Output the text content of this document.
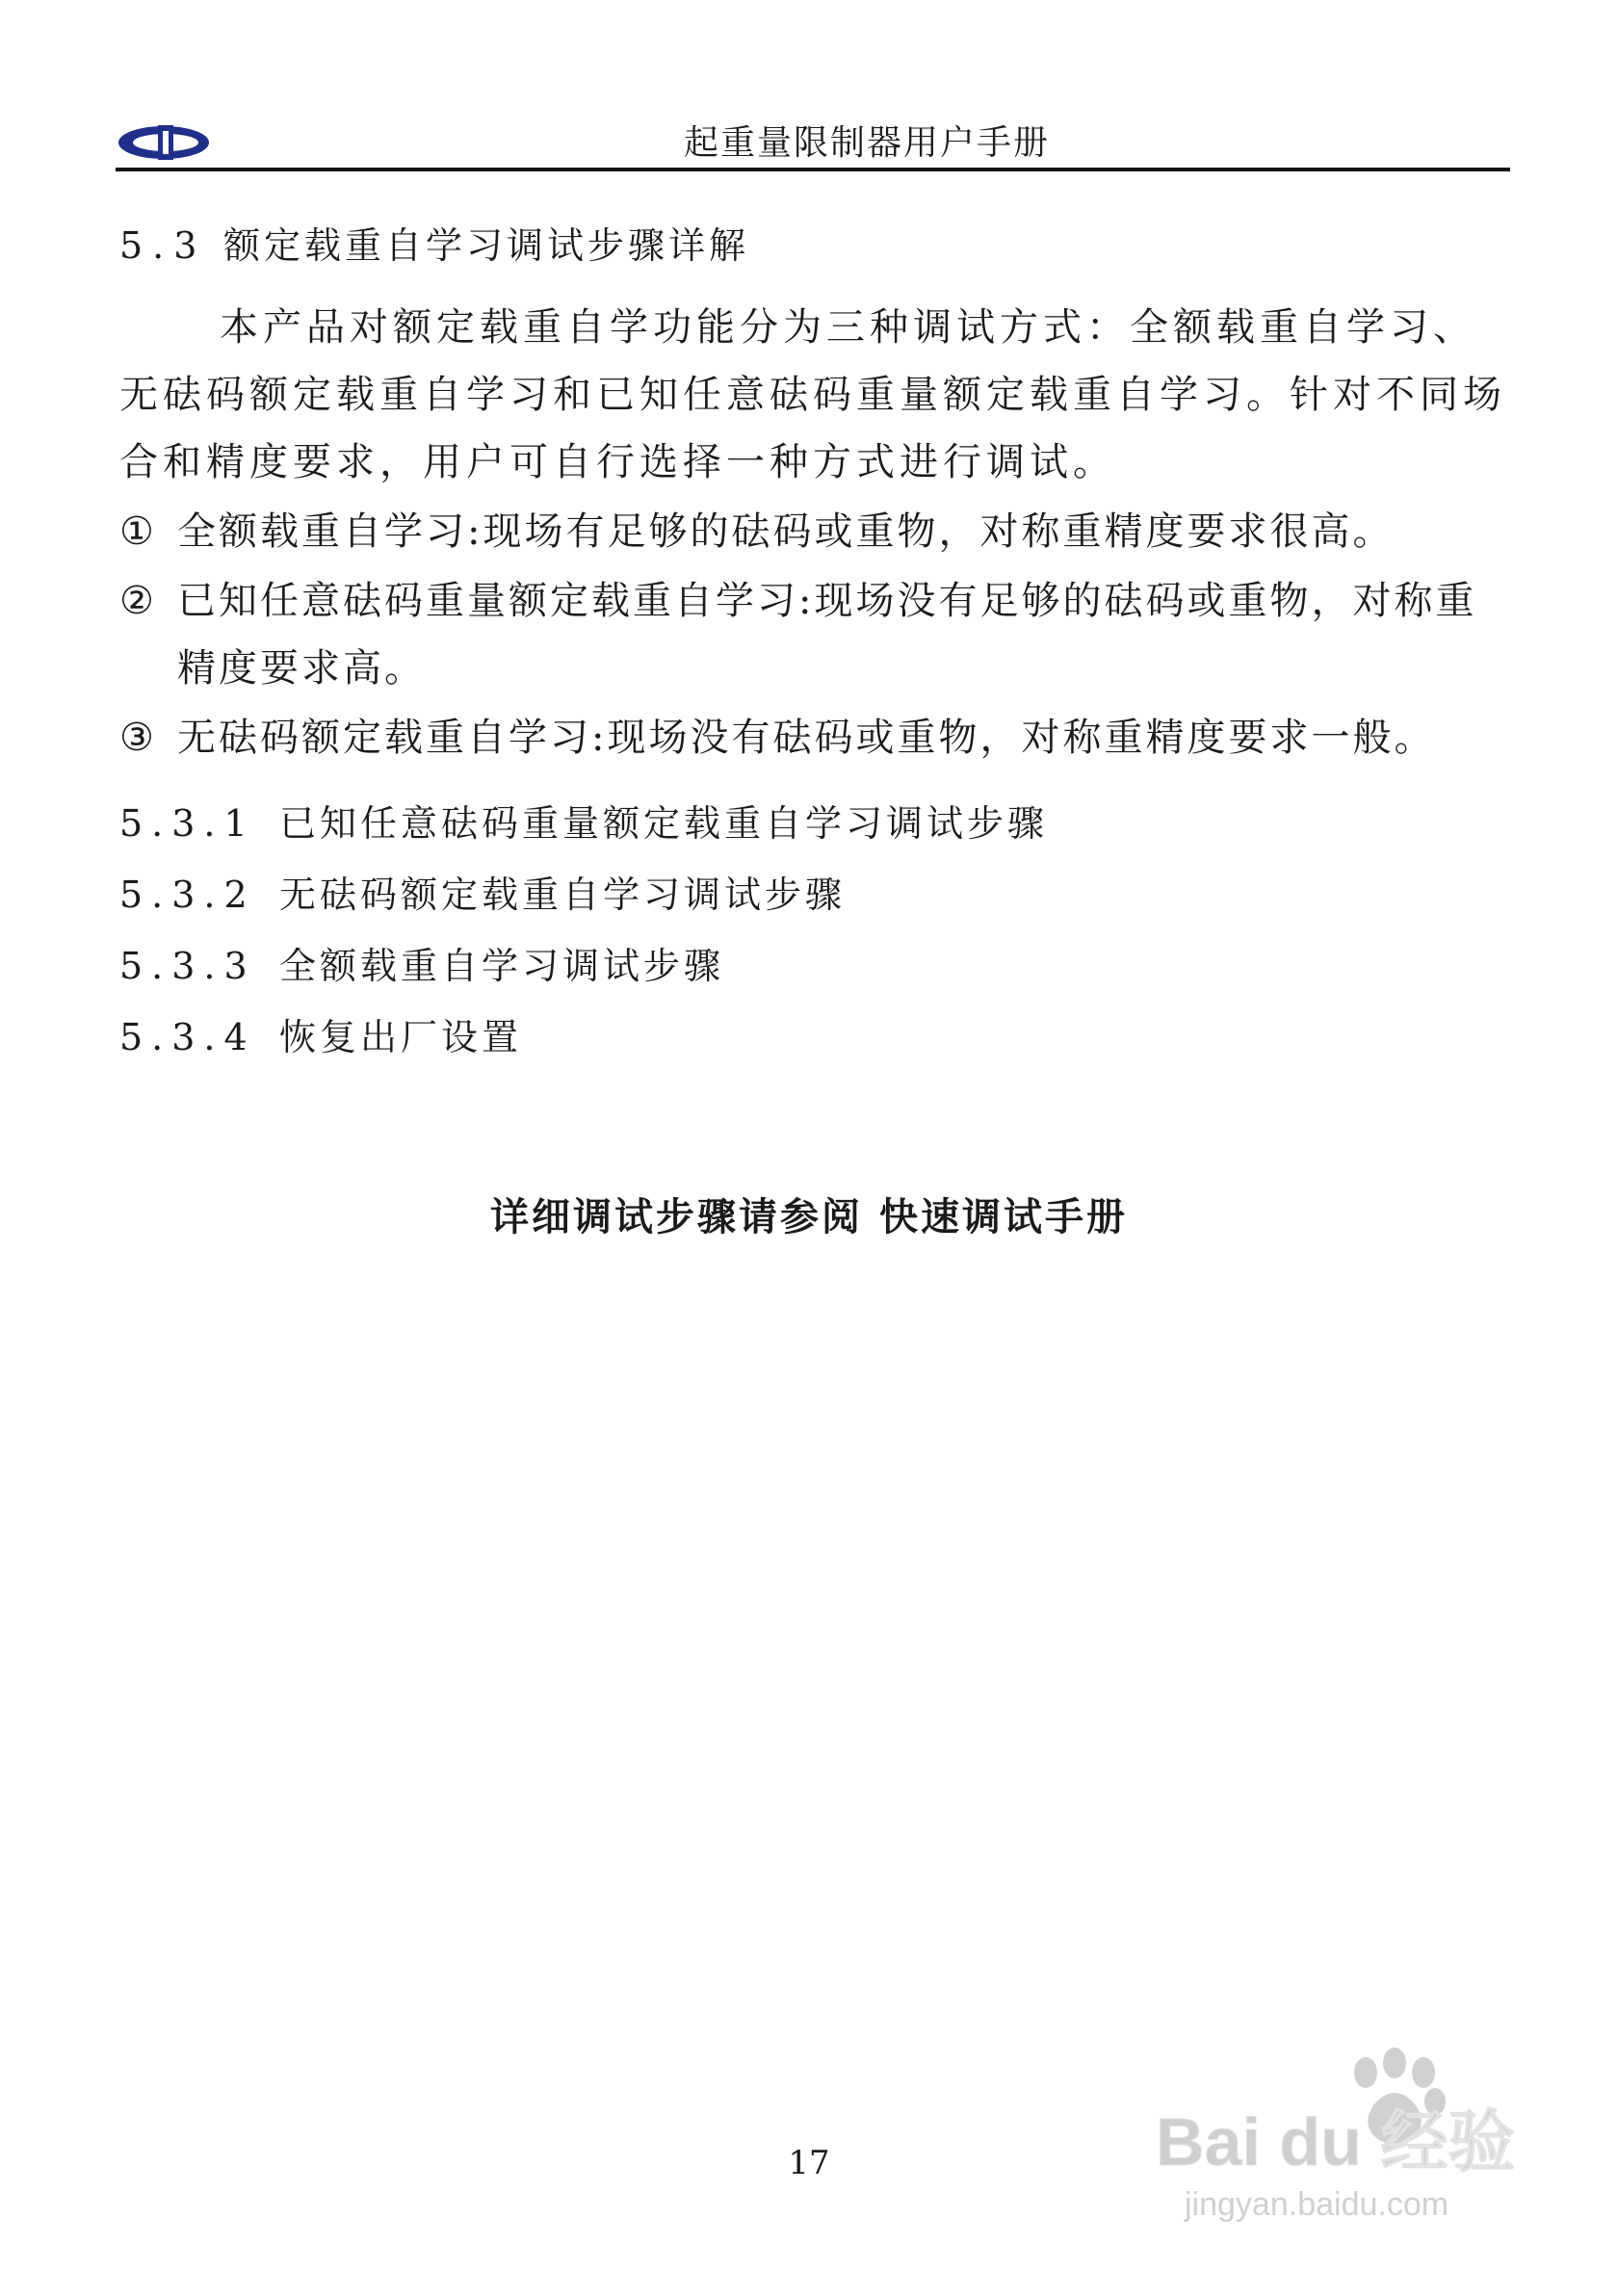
起重量限制器用户手册
5.3 额定载重自学习调试步骤详解

本产品对额定载重自学功能分为三种调试方式：全额载重自学习、无砝码额定载重自学习和已知任意砝码重量额定载重自学习。针对不同场合和精度要求，用户可自行选择一种方式进行调试。

① 全额载重自学习:现场有足够的砝码或重物，对称重精度要求很高。
② 已知任意砝码重量额定载重自学习:现场没有足够的砝码或重物，对称重精度要求高。
③ 无砝码额定载重自学习:现场没有砝码或重物，对称重精度要求一般。
5.3.1 已知任意砝码重量额定载重自学习调试步骤
5.3.2 无砝码额定载重自学习调试步骤
5.3.3 全额载重自学习调试步骤
5.3.4 恢复出厂设置
详细调试步骤请参阅 快速调试手册
17	Bai du 经验
jingyan.baidu.com
